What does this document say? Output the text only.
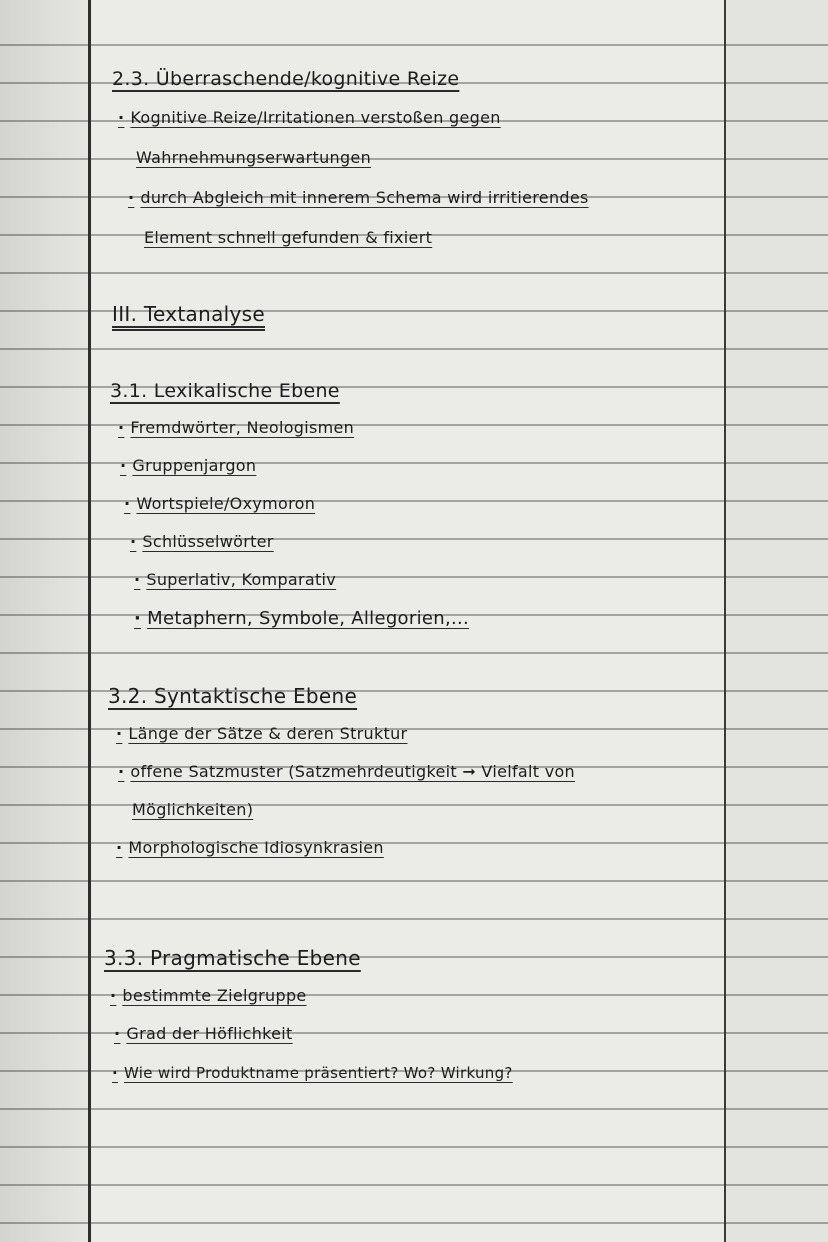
2.3. Überraschende/kognitive Reize
· Kognitive Reize/Irritationen verstoßen gegen
Wahrnehmungserwartungen
· durch Abgleich mit innerem Schema wird irritierendes
Element schnell gefunden & fixiert
III. Textanalyse
3.1. Lexikalische Ebene
· Fremdwörter, Neologismen
· Gruppenjargon
· Wortspiele/Oxymoron
· Schlüsselwörter
· Superlativ, Komparativ
· Metaphern, Symbole, Allegorien,...
3.2. Syntaktische Ebene
· Länge der Sätze & deren Struktur
· offene Satzmuster (Satzmehrdeutigkeit ➞ Vielfalt von
Möglichkeiten)
· Morphologische Idiosynkrasien
3.3. Pragmatische Ebene
· bestimmte Zielgruppe
· Grad der Höflichkeit
· Wie wird Produktname präsentiert? Wo? Wirkung?
